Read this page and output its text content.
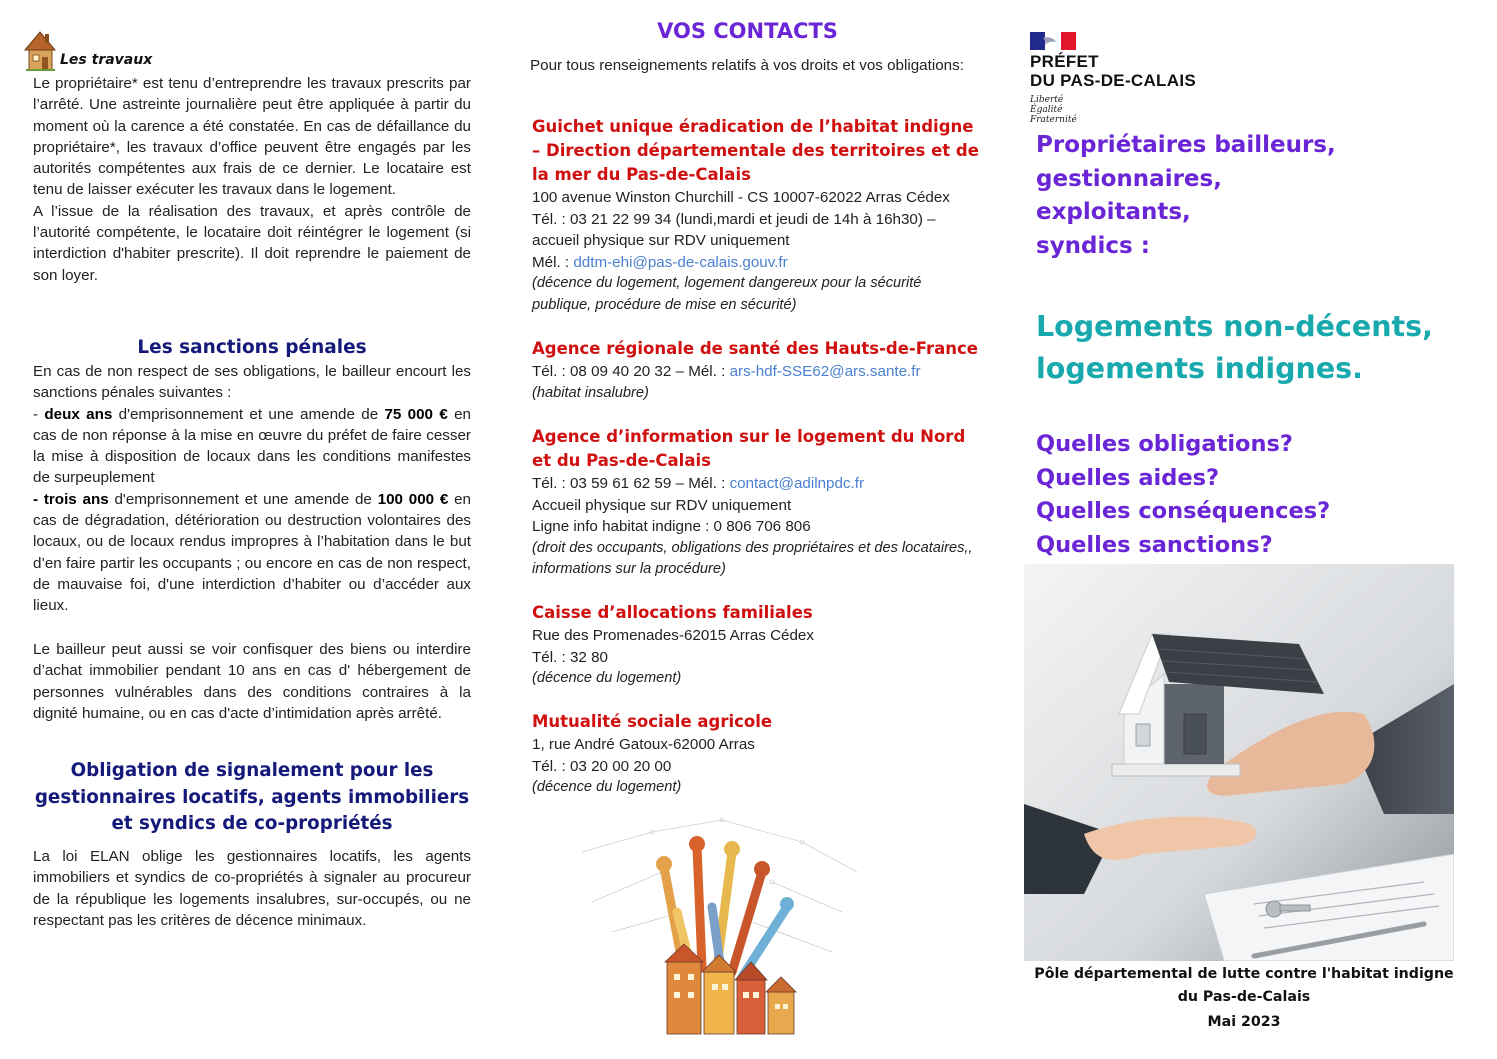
Les travaux

Le propriétaire* est tenu d’entreprendre les travaux prescrits par l’arrêté. Une astreinte journalière peut être appliquée à partir du moment où la carence a été constatée. En cas de défaillance du propriétaire*, les travaux d’office peuvent être engagés par les autorités compétentes aux frais de ce dernier. Le locataire est tenu de laisser exécuter les travaux dans le logement.

A l’issue de la réalisation des travaux, et après contrôle de l’autorité compétente, le locataire doit réintégrer le logement (si interdiction d'habiter prescrite). Il doit reprendre le paiement de son loyer.

Les sanctions pénales

En cas de non respect de ses obligations, le bailleur encourt les sanctions pénales suivantes :

- deux ans d'emprisonnement et une amende de 75 000 € en cas de non réponse à la mise en œuvre du préfet de faire cesser la mise à disposition de locaux dans les conditions manifestes de surpeuplement

- trois ans d'emprisonnement et une amende de 100 000 € en cas de dégradation, détérioration ou destruction volontaires des locaux, ou de locaux rendus impropres à l’habitation dans le but d’en faire partir les occupants ; ou encore en cas de non respect, de mauvaise foi, d'une interdiction d’habiter ou d’accéder aux lieux.

Le bailleur peut aussi se voir confisquer des biens ou interdire d’achat immobilier pendant 10 ans en cas d' hébergement de personnes vulnérables dans des conditions contraires à la dignité humaine, ou en cas d'acte d’intimidation après arrêté.

Obligation de signalement pour les gestionnaires locatifs, agents immobiliers et syndics de co-propriétés

La loi ELAN oblige les gestionnaires locatifs, les agents immobiliers et syndics de co-propriétés à signaler au procureur de la république les logements insalubres, sur-occupés, ou ne respectant pas les critères de décence minimaux.

VOS CONTACTS

Pour tous renseignements relatifs à vos droits et vos obligations:

Guichet unique éradication de l’habitat indigne – Direction départementale des territoires et de la mer du Pas-de-Calais
100 avenue Winston Churchill - CS 10007-62022 Arras Cédex
Tél. : 03 21 22 99 34 (lundi,mardi et jeudi de 14h à 16h30) – accueil physique sur RDV uniquement
Mél. : ddtm-ehi@pas-de-calais.gouv.fr
(décence du logement, logement dangereux pour la sécurité publique, procédure de mise en sécurité)
Agence régionale de santé des Hauts-de-France
Tél. : 08 09 40 20 32 – Mél. : ars-hdf-SSE62@ars.sante.fr
(habitat insalubre)
Agence d’information sur le logement du Nord et du Pas-de-Calais
Tél. : 03 59 61 62 59 – Mél. : contact@adilnpdc.fr
Accueil physique sur RDV uniquement
Ligne info habitat indigne : 0 806 706 806
(droit des occupants, obligations des propriétaires et des locataires,, informations sur la procédure)
Caisse d’allocations familiales
Rue des Promenades-62015 Arras Cédex
Tél. : 32 80
(décence du logement)
Mutualité sociale agricole
1, rue André Gatoux-62000 Arras
Tél. : 03 20 00 20 00
(décence du logement)
PRÉFET
DU PAS-DE-CALAIS
Liberté
Égalité
Fraternité
Propriétaires bailleurs,
gestionnaires,
exploitants,
syndics :
Logements non-décents,
logements indignes.
Quelles obligations?
Quelles aides?
Quelles conséquences?
Quelles sanctions?
Pôle départemental de lutte contre l'habitat indigne du Pas-de-Calais
Mai 2023
